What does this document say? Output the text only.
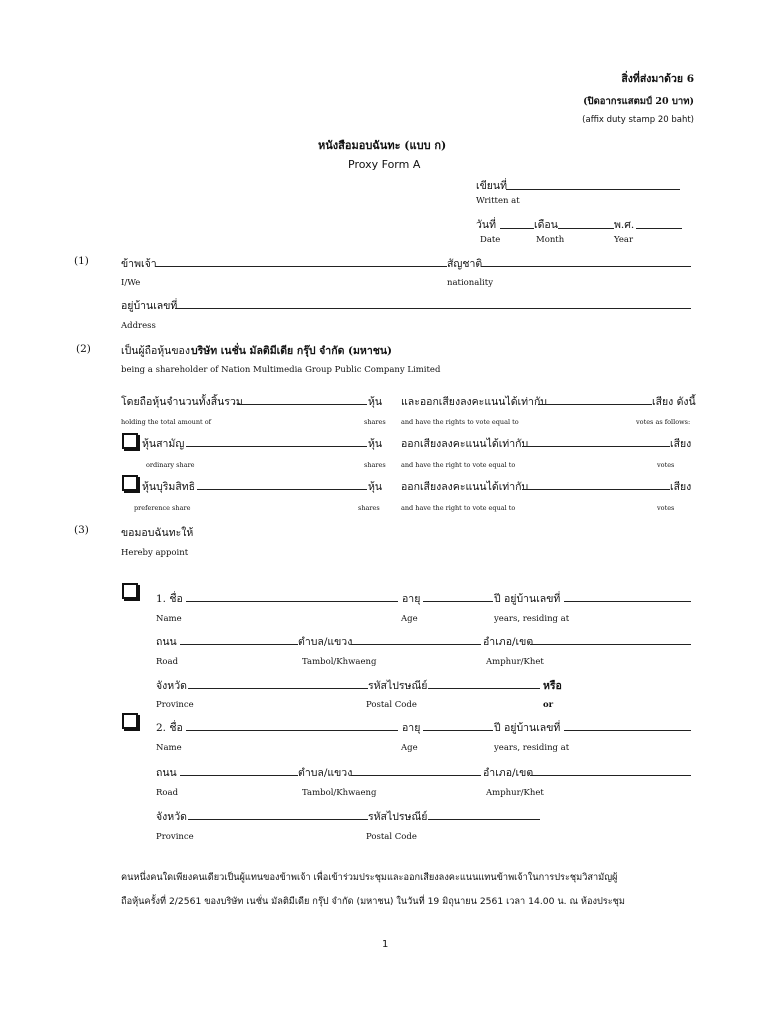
สิ่งที่ส่งมาด้วย 6
(ปิดอากรแสตมป์ 20 บาท)
(affix duty stamp 20 baht)
หนังสือมอบฉันทะ (แบบ ก)
Proxy Form A
เขียนที่
Written at
วันที่	เดือน	พ.ศ.
Date	Month	Year
(1)	ข้าพเจ้า	สัญชาติ
I/We	nationality
อยู่บ้านเลขที่
Address
(2)	เป็นผู้ถือหุ้นของ บริษัท เนชั่น มัลติมีเดีย กรุ๊ป จำกัด (มหาชน)
being a shareholder of Nation Multimedia Group Public Company Limited
โดยถือหุ้นจำนวนทั้งสิ้นรวม	หุ้น และออกเสียงลงคะแนนได้เท่ากับ	เสียง ดังนี้
holding the total amount of	shares and have the rights to vote equal to	votes as follows:
หุ้นสามัญ	หุ้น ออกเสียงลงคะแนนได้เท่ากับ	เสียง
ordinary share	shares and have the right to vote equal to	votes
หุ้นบุริมสิทธิ	หุ้น ออกเสียงลงคะแนนได้เท่ากับ	เสียง
preference share	shares	and have the right to vote equal to	votes
(3)	ขอมอบฉันทะให้
Hereby appoint
1. ชื่อ	อายุ	ปี อยู่บ้านเลขที่
Name	Age	years, residing at
ถนน	ตำบล/แขวง	อำเภอ/เขต
Road	Tambol/Khwaeng	Amphur/Khet
จังหวัด	รหัสไปรษณีย์	หรือ
Province	Postal Code	or
2. ชื่อ	อายุ	ปี อยู่บ้านเลขที่
Name	Age	years, residing at
ถนน	ตำบล/แขวง	อำเภอ/เขต
Road	Tambol/Khwaeng	Amphur/Khet
จังหวัด	รหัสไปรษณีย์
Province	Postal Code
คนหนึ่งคนใดเพียงคนเดียวเป็นผู้แทนของข้าพเจ้า เพื่อเข้าร่วมประชุมและออกเสียงลงคะแนนแทนข้าพเจ้าในการประชุมวิสามัญผู้
ถือหุ้นครั้งที่ 2/2561 ของบริษัท เนชั่น มัลติมีเดีย กรุ๊ป จำกัด (มหาชน) ในวันที่ 19 มิถุนายน 2561 เวลา 14.00 น. ณ ห้องประชุม
1
